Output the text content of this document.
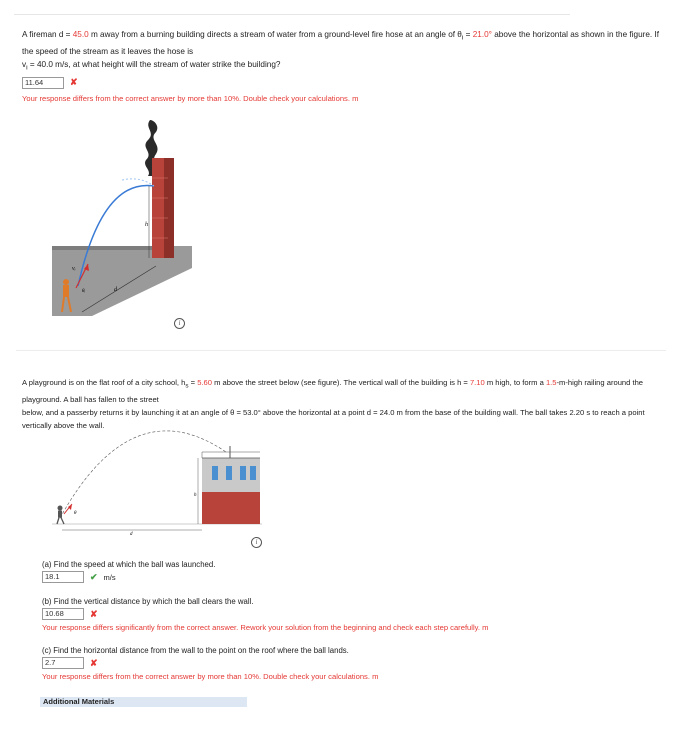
A fireman d = 45.0 m away from a burning building directs a stream of water from a ground-level fire hose at an angle of $\theta_i = 21.0^\circ$ above the horizontal as shown in the figure. If the speed of the stream as it leaves the hose is
$v_i = 40.0$ m/s, at what height will the stream of water strike the building?
11.64
✘
Your response differs from the correct answer by more than 10%. Double check your calculations. m
h
d
vᵢ
θᵢ
i
A playground is on the flat roof of a city school, $h_s = 5.60$ m above the street below (see figure). The vertical wall of the building is h = 7.10 m high, to form a 1.5-m-high railing around the playground. A ball has fallen to the street
below, and a passerby returns it by launching it at an angle of θ = 53.0° above the horizontal at a point d = 24.0 m from the base of the building wall. The ball takes 2.20 s to reach a point vertically above the wall.
h
d
θ
i
(a) Find the speed at which the ball was launched.
18.1
✔ m/s
(b) Find the vertical distance by which the ball clears the wall.
10.68
✘
Your response differs significantly from the correct answer. Rework your solution from the beginning and check each step carefully. m
(c) Find the horizontal distance from the wall to the point on the roof where the ball lands.
2.7
✘
Your response differs from the correct answer by more than 10%. Double check your calculations. m
Additional Materials
